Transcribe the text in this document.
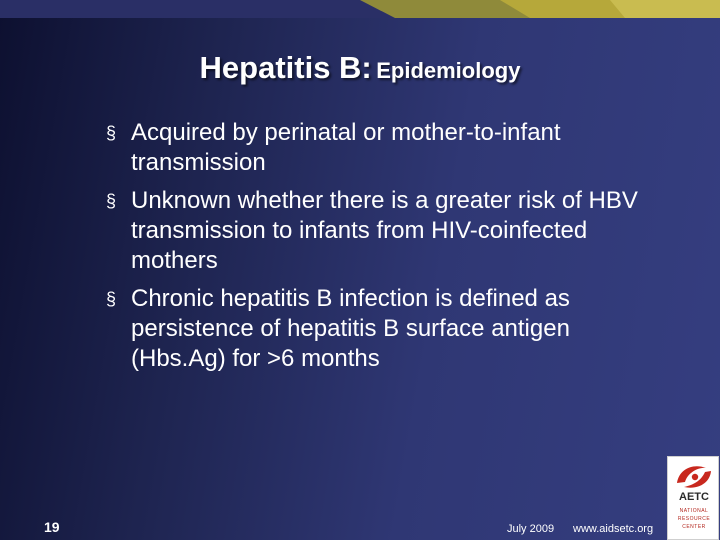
Hepatitis B: Epidemiology
§ Acquired by perinatal or mother-to-infant transmission
§ Unknown whether there is a greater risk of HBV transmission to infants from HIV-coinfected mothers
§ Chronic hepatitis B infection is defined as persistence of hepatitis B surface antigen (Hbs.Ag) for >6 months
19	July 2009 www.aidsetc.org
AETC
NATIONAL
RESOURCE
CENTER
